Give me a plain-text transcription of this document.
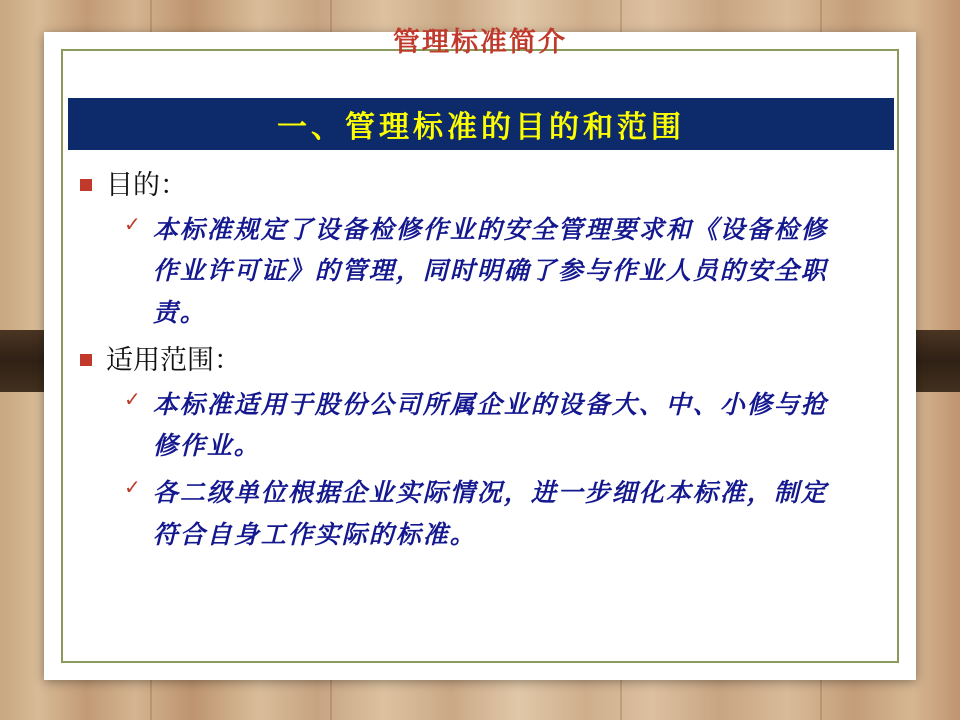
管理标准简介
一、管理标准的目的和范围
目的：
✓ 本标准规定了设备检修作业的安全管理要求和《设备检修作业许可证》的管理，同时明确了参与作业人员的安全职责。
适用范围：
✓ 本标准适用于股份公司所属企业的设备大、中、小修与抢修作业。
✓ 各二级单位根据企业实际情况，进一步细化本标准，制定符合自身工作实际的标准。
